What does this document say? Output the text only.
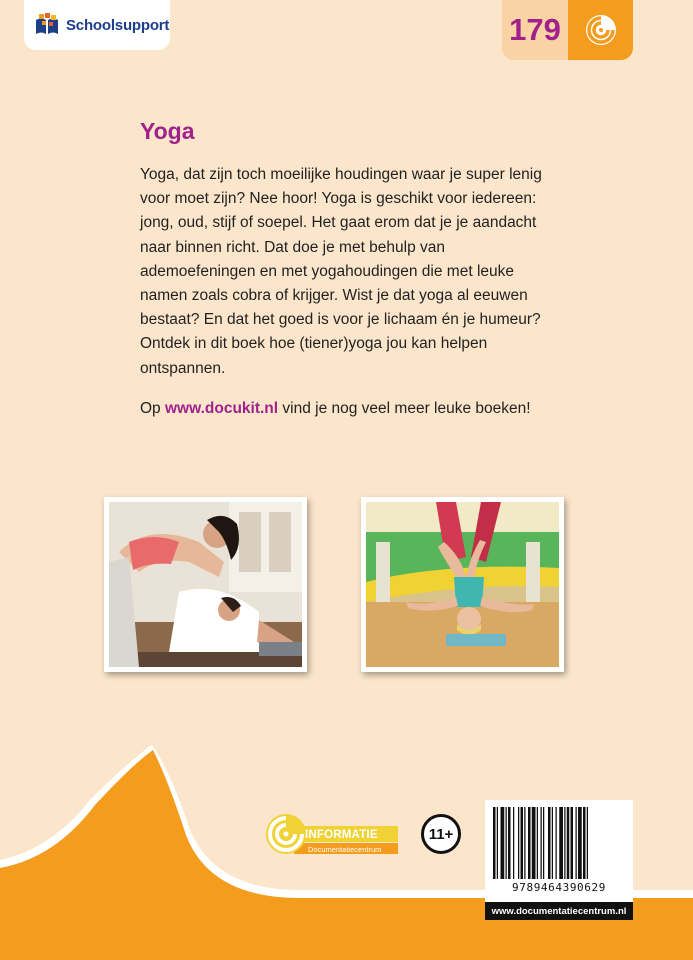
Schoolsupport	179
Yoga

Yoga, dat zijn toch moeilijke houdingen waar je super lenig voor moet zijn? Nee hoor! Yoga is geschikt voor iedereen: jong, oud, stijf of soepel. Het gaat erom dat je je aandacht naar binnen richt. Dat doe je met behulp van ademoefeningen en met yogahoudingen die met leuke namen zoals cobra of krijger. Wist je dat yoga al eeuwen bestaat? En dat het goed is voor je lichaam én je humeur? Ontdek in dit boek hoe (tiener)yoga jou kan helpen ontspannen.

Op www.docukit.nl vind je nog veel meer leuke boeken!

INFORMATIE
Documentatiecentrum
11+
9789464390629
www.documentatiecentrum.nl
